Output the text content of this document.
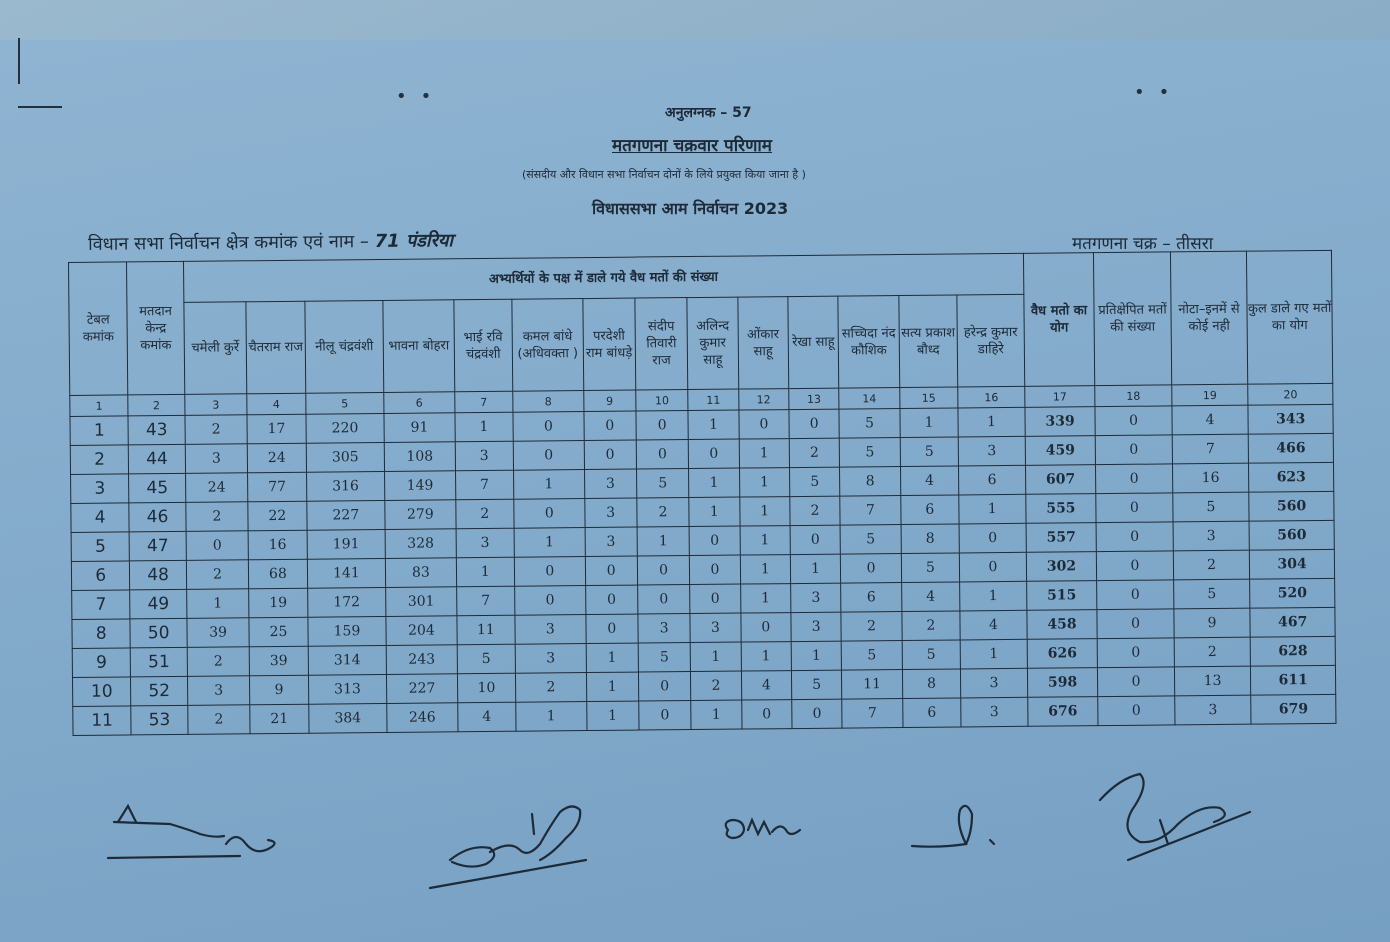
••	••
अनुलग्नक – 57
मतगणना चक्रवार परिणाम
(संसदीय और विधान सभा निर्वाचन दोनों के लिये प्रयुक्त किया जाना है )
विधाससभा आम निर्वाचन 2023
विधान सभा निर्वाचन क्षेत्र कमांक एवं नाम – 71 पंडरिया	मतगणना चक्र – तीसरा
टेबल कमांक	मतदान केन्द्र कमांक	अभ्यर्थियों के पक्ष में डाले गये वैध मतों की संख्या														वैध मतो का योग	प्रतिक्षेपित मतों की संख्या	नोटा–इनमें से कोई नही	कुल डाले गए मतों का योग
		चमेली कुर्रे	चैतराम राज	नीलू चंद्रवंशी	भावना बोहरा	भाई रवि चंद्रवंशी	कमल बांधे (अधिवक्ता )	परदेशी राम बांधड़े	संदीप तिवारी राज	अलिन्द कुमार साहू	ओंकार साहू	रेखा साहू	सच्चिदा नंद कौशिक	सत्य प्रकाश बौध्द	हरेन्द्र कुमार डाहिरे				
1	2	3	4	5	6	7	8	9	10	11	12	13	14	15	16	17	18	19	20
1	43	2	17	220	91	1	0	0	0	1	0	0	5	1	1	339	0	4	343
2	44	3	24	305	108	3	0	0	0	0	1	2	5	5	3	459	0	7	466
3	45	24	77	316	149	7	1	3	5	1	1	5	8	4	6	607	0	16	623
4	46	2	22	227	279	2	0	3	2	1	1	2	7	6	1	555	0	5	560
5	47	0	16	191	328	3	1	3	1	0	1	0	5	8	0	557	0	3	560
6	48	2	68	141	83	1	0	0	0	0	1	1	0	5	0	302	0	2	304
7	49	1	19	172	301	7	0	0	0	0	1	3	6	4	1	515	0	5	520
8	50	39	25	159	204	11	3	0	3	3	0	3	2	2	4	458	0	9	467
9	51	2	39	314	243	5	3	1	5	1	1	1	5	5	1	626	0	2	628
10	52	3	9	313	227	10	2	1	0	2	4	5	11	8	3	598	0	13	611
11	53	2	21	384	246	4	1	1	0	1	0	0	7	6	3	676	0	3	679
